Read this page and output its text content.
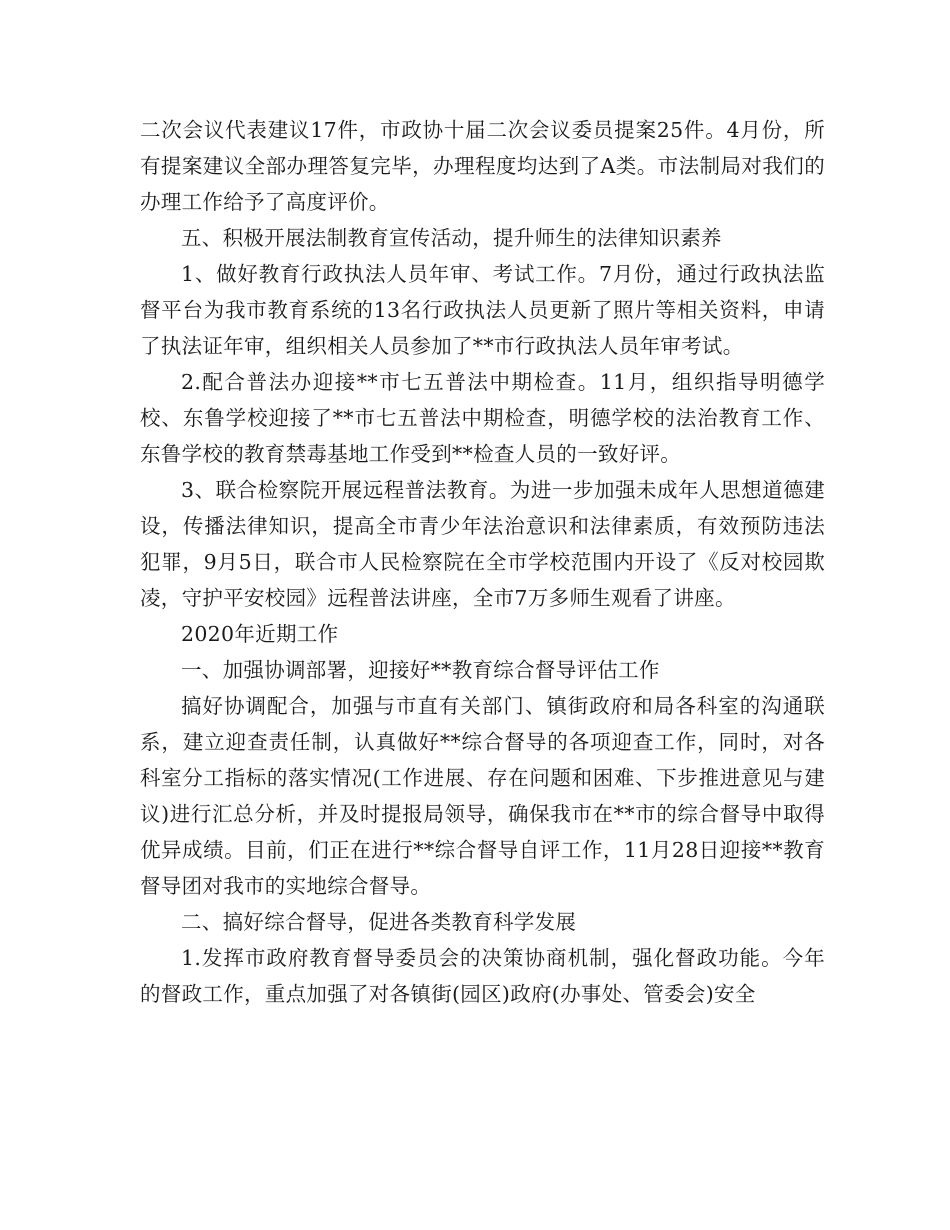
二次会议代表建议17件，市政协十届二次会议委员提案25件。4月份，所有提案建议全部办理答复完毕，办理程度均达到了A类。市法制局对我们的办理工作给予了高度评价。

五、积极开展法制教育宣传活动，提升师生的法律知识素养

1、做好教育行政执法人员年审、考试工作。7月份，通过行政执法监督平台为我市教育系统的13名行政执法人员更新了照片等相关资料，申请了执法证年审，组织相关人员参加了**市行政执法人员年审考试。

2.配合普法办迎接**市七五普法中期检查。11月，组织指导明德学校、东鲁学校迎接了**市七五普法中期检查，明德学校的法治教育工作、东鲁学校的教育禁毒基地工作受到**检查人员的一致好评。

3、联合检察院开展远程普法教育。为进一步加强未成年人思想道德建设，传播法律知识，提高全市青少年法治意识和法律素质，有效预防违法犯罪，9月5日，联合市人民检察院在全市学校范围内开设了《反对校园欺凌，守护平安校园》远程普法讲座，全市7万多师生观看了讲座。

2020年近期工作

一、加强协调部署，迎接好**教育综合督导评估工作

搞好协调配合，加强与市直有关部门、镇街政府和局各科室的沟通联系，建立迎查责任制，认真做好**综合督导的各项迎查工作，同时，对各科室分工指标的落实情况(工作进展、存在问题和困难、下步推进意见与建议)进行汇总分析，并及时提报局领导，确保我市在**市的综合督导中取得优异成绩。目前，们正在进行**综合督导自评工作，11月28日迎接**教育督导团对我市的实地综合督导。

二、搞好综合督导，促进各类教育科学发展

1.发挥市政府教育督导委员会的决策协商机制，强化督政功能。今年的督政工作，重点加强了对各镇街(园区)政府(办事处、管委会)安全
